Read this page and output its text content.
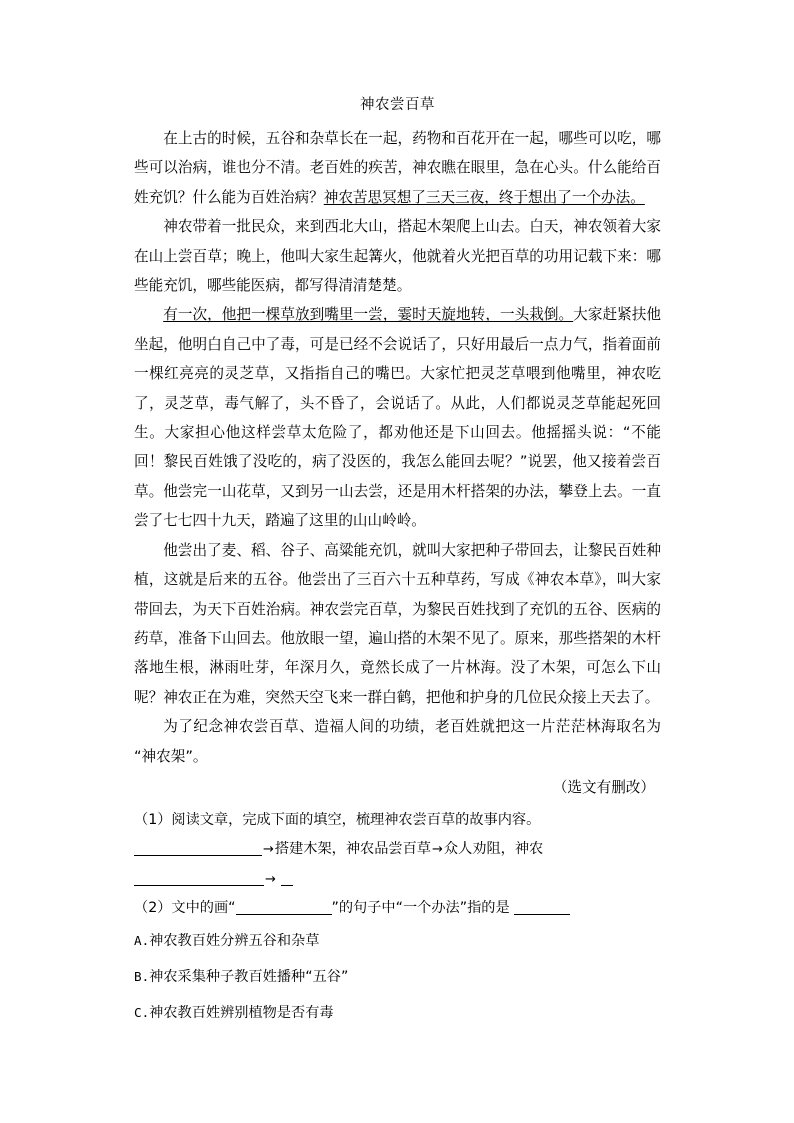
神农尝百草

在上古的时候，五谷和杂草长在一起，药物和百花开在一起，哪些可以吃，哪些可以治病，谁也分不清。老百姓的疾苦，神农瞧在眼里，急在心头。什么能给百姓充饥？什么能为百姓治病？神农苦思冥想了三天三夜，终于想出了一个办法。

神农带着一批民众，来到西北大山，搭起木架爬上山去。白天，神农领着大家在山上尝百草；晚上，他叫大家生起篝火，他就着火光把百草的功用记载下来：哪些能充饥，哪些能医病，都写得清清楚楚。

有一次，他把一棵草放到嘴里一尝，霎时天旋地转，一头栽倒。大家赶紧扶他坐起，他明白自己中了毒，可是已经不会说话了，只好用最后一点力气，指着面前一棵红亮亮的灵芝草，又指指自己的嘴巴。大家忙把灵芝草喂到他嘴里，神农吃了，灵芝草，毒气解了，头不昏了，会说话了。从此，人们都说灵芝草能起死回生。大家担心他这样尝草太危险了，都劝他还是下山回去。他摇摇头说：“不能回！黎民百姓饿了没吃的，病了没医的，我怎么能回去呢？”说罢，他又接着尝百草。他尝完一山花草，又到另一山去尝，还是用木杆搭架的办法，攀登上去。一直尝了七七四十九天，踏遍了这里的山山岭岭。

他尝出了麦、稻、谷子、高粱能充饥，就叫大家把种子带回去，让黎民百姓种植，这就是后来的五谷。他尝出了三百六十五种草药，写成《神农本草》，叫大家带回去，为天下百姓治病。神农尝完百草，为黎民百姓找到了充饥的五谷、医病的药草，准备下山回去。他放眼一望，遍山搭的木架不见了。原来，那些搭架的木杆落地生根，淋雨吐芽，年深月久，竟然长成了一片林海。没了木架，可怎么下山呢？神农正在为难，突然天空飞来一群白鹤，把他和护身的几位民众接上天去了。

为了纪念神农尝百草、造福人间的功绩，老百姓就把这一片茫茫林海取名为“神农架”。

（选文有删改）

（1）阅读文章，完成下面的填空，梳理神农尝百草的故事内容。

→搭建木架，神农品尝百草→众人劝阻，神农 →

（2）文中的画“	”的句子中“一个办法”指的是

A.神农教百姓分辨五谷和杂草

B.神农采集种子教百姓播种“五谷”

C.神农教百姓辨别植物是否有毒
